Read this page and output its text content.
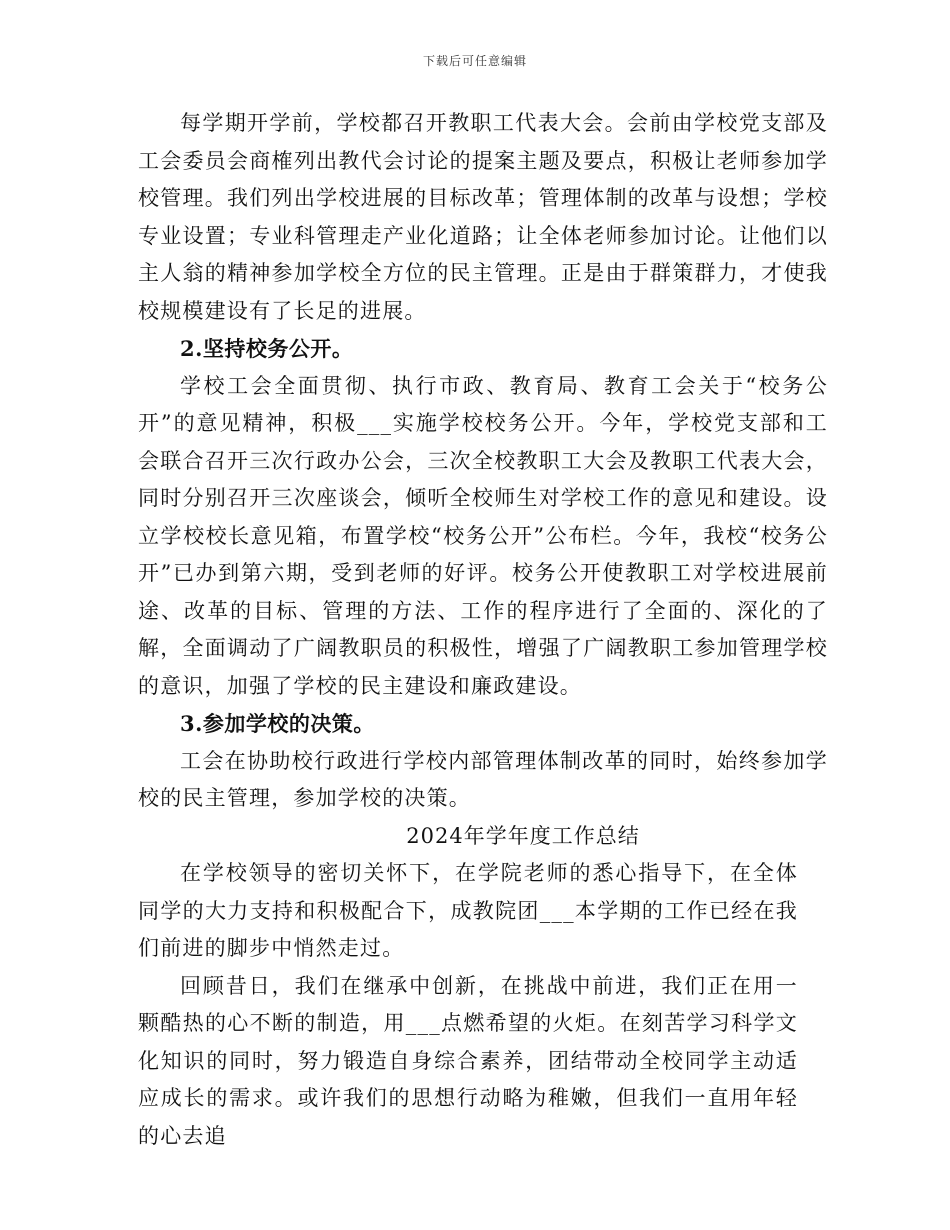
下载后可任意编辑

每学期开学前，学校都召开教职工代表大会。会前由学校党支部及工会委员会商榷列出教代会讨论的提案主题及要点，积极让老师参加学校管理。我们列出学校进展的目标改革；管理体制的改革与设想；学校专业设置；专业科管理走产业化道路；让全体老师参加讨论。让他们以主人翁的精神参加学校全方位的民主管理。正是由于群策群力，才使我校规模建设有了长足的进展。

2.坚持校务公开。

学校工会全面贯彻、执行市政、教育局、教育工会关于“校务公开”的意见精神，积极___实施学校校务公开。今年，学校党支部和工会联合召开三次行政办公会，三次全校教职工大会及教职工代表大会，同时分别召开三次座谈会，倾听全校师生对学校工作的意见和建设。设立学校校长意见箱，布置学校“校务公开”公布栏。今年，我校“校务公开”已办到第六期，受到老师的好评。校务公开使教职工对学校进展前途、改革的目标、管理的方法、工作的程序进行了全面的、深化的了解，全面调动了广阔教职员的积极性，增强了广阔教职工参加管理学校的意识，加强了学校的民主建设和廉政建设。

3.参加学校的决策。

工会在协助校行政进行学校内部管理体制改革的同时，始终参加学校的民主管理，参加学校的决策。

2024年学年度工作总结

在学校领导的密切关怀下，在学院老师的悉心指导下，在全体同学的大力支持和积极配合下，成教院团___本学期的工作已经在我们前进的脚步中悄然走过。

回顾昔日，我们在继承中创新，在挑战中前进，我们正在用一颗酷热的心不断的制造，用___点燃希望的火炬。在刻苦学习科学文化知识的同时，努力锻造自身综合素养，团结带动全校同学主动适应成长的需求。或许我们的思想行动略为稚嫩，但我们一直用年轻的心去追
